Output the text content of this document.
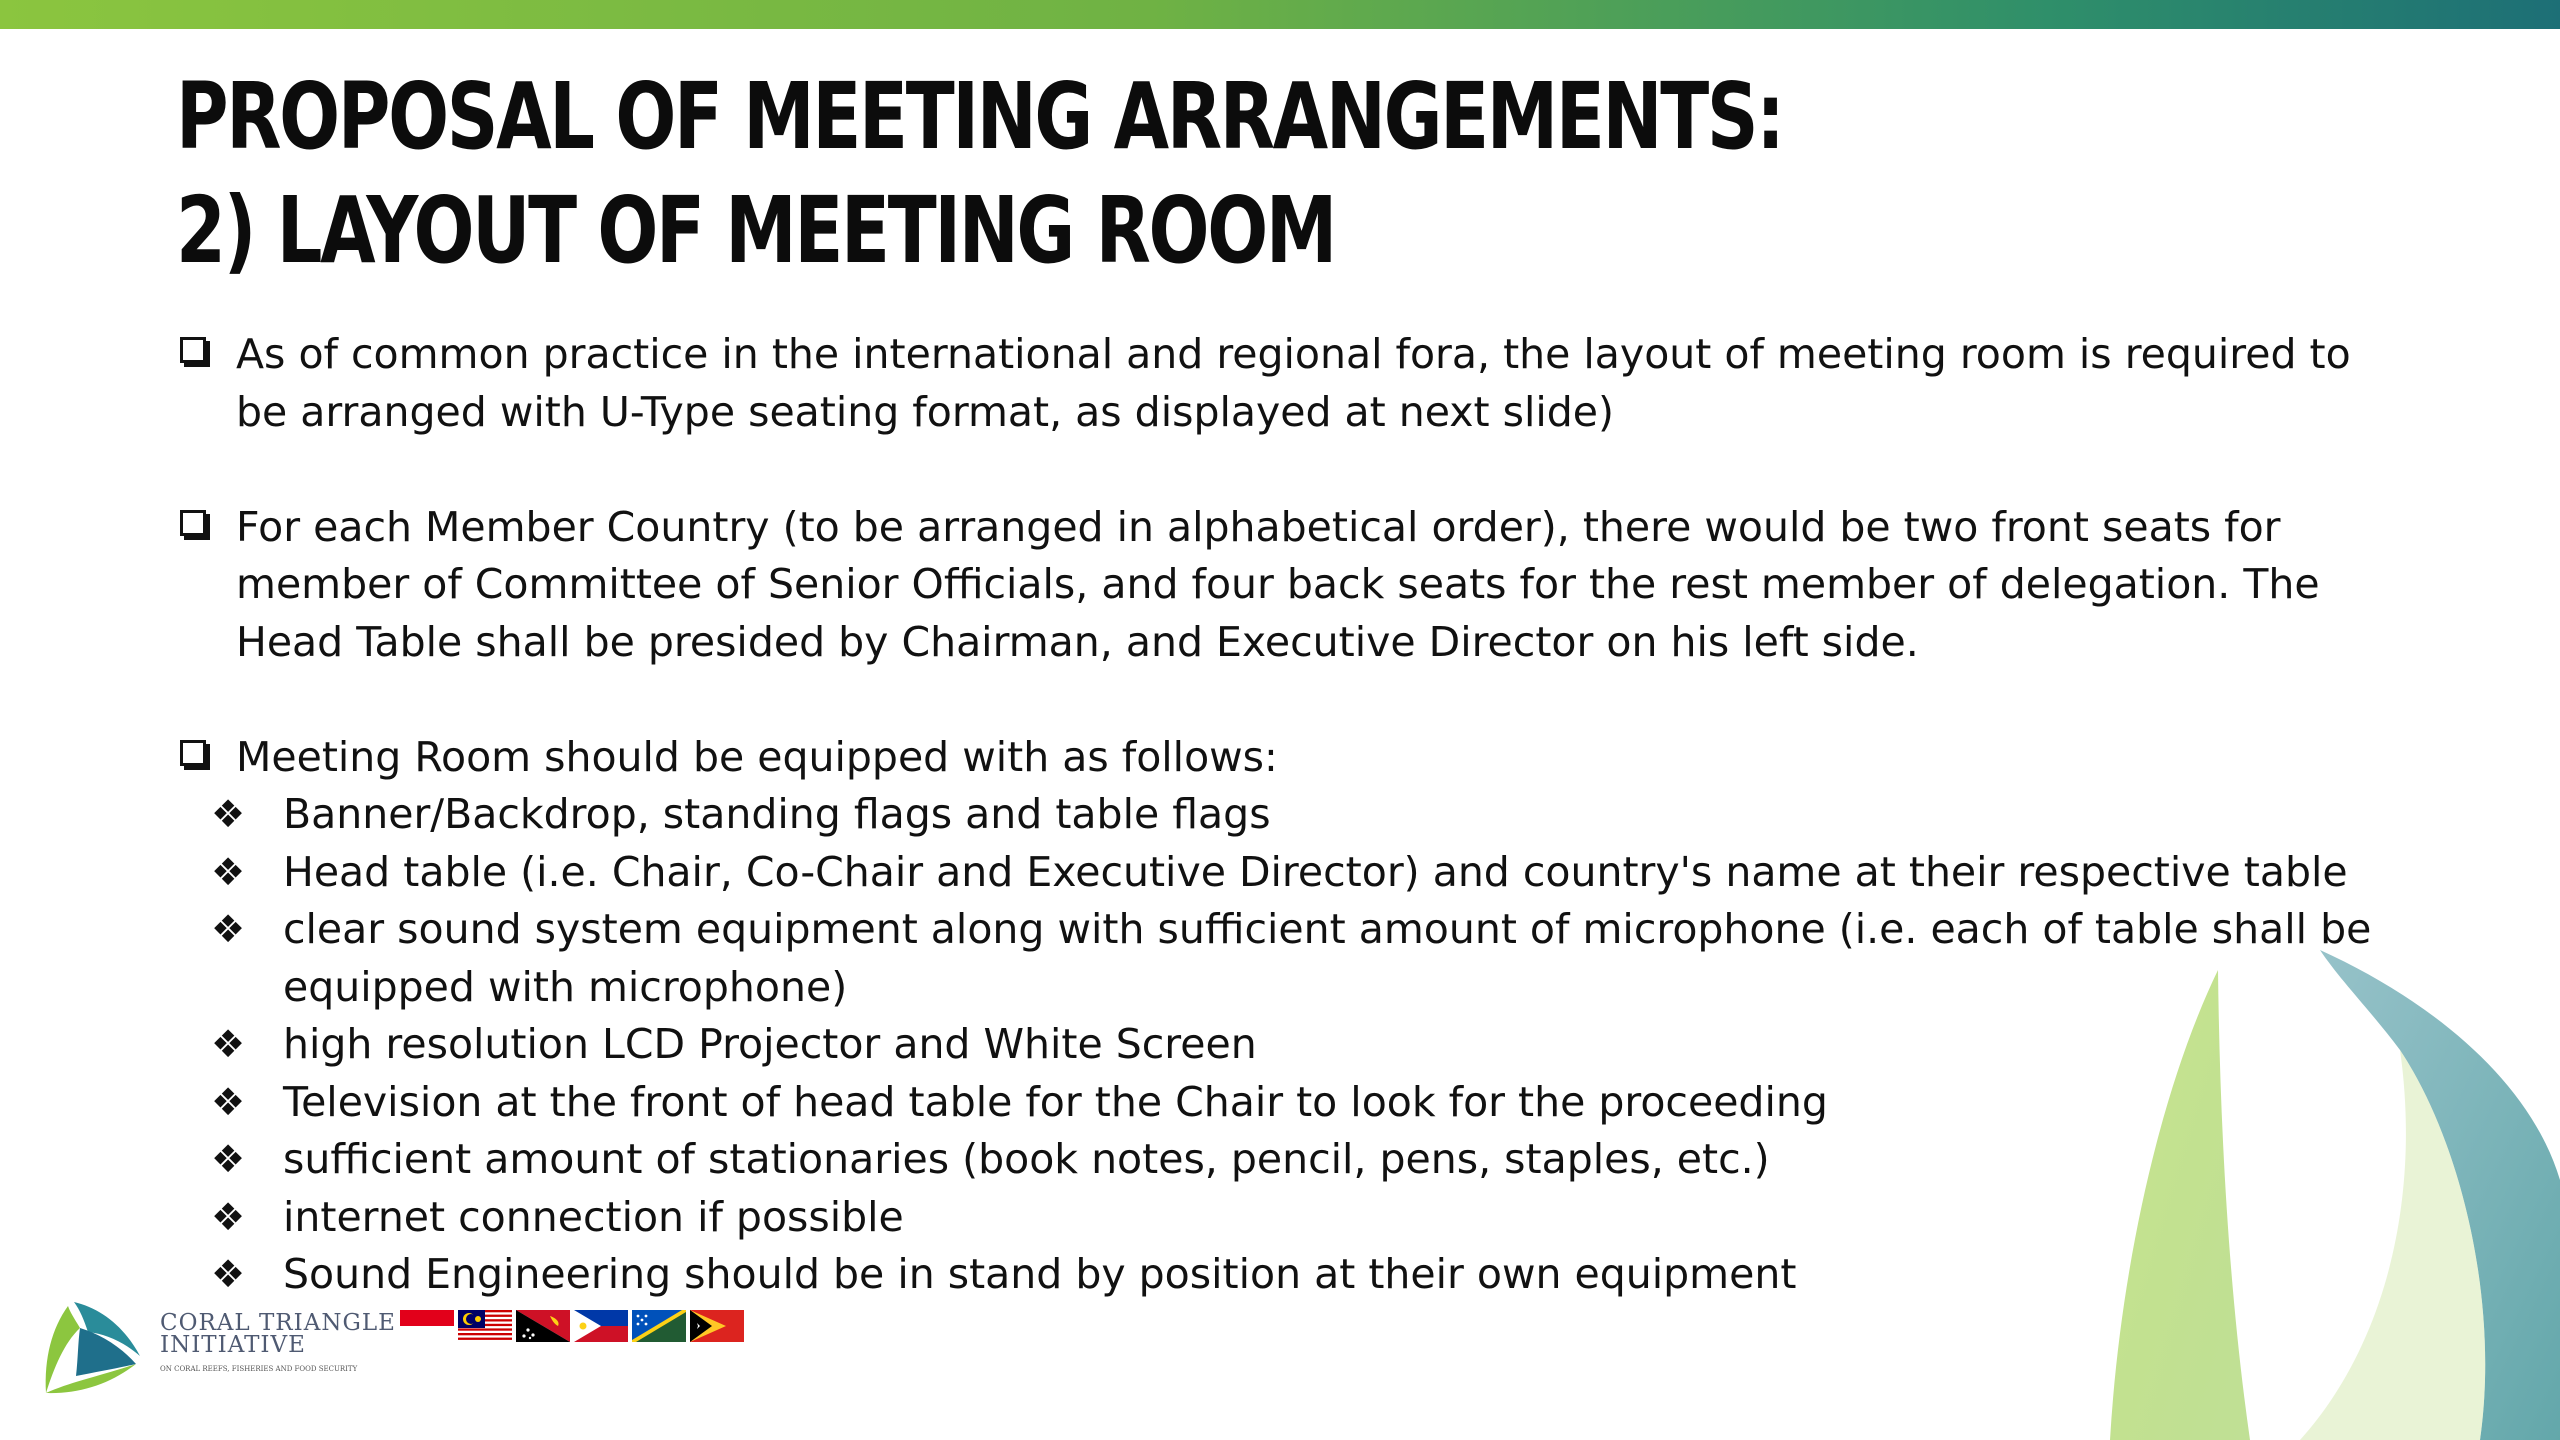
PROPOSAL OF MEETING ARRANGEMENTS:
2) LAYOUT OF MEETING ROOM
As of common practice in the international and regional fora, the layout of meeting room is required to be arranged with U-Type seating format, as displayed at next slide)
For each Member Country (to be arranged in alphabetical order), there would be two front seats for member of Committee of Senior Officials, and four back seats for the rest member of delegation. The Head Table shall be presided by Chairman, and Executive Director on his left side.
Meeting Room should be equipped with as follows:
❖ Banner/Backdrop, standing flags and table flags
❖ Head table (i.e. Chair, Co-Chair and Executive Director) and country's name at their respective table
❖ clear sound system equipment along with sufficient amount of microphone (i.e. each of table shall be equipped with microphone)
❖ high resolution LCD Projector and White Screen
❖ Television at the front of head table for the Chair to look for the proceeding
❖ sufficient amount of stationaries (book notes, pencil, pens, staples, etc.)
❖ internet connection if possible
❖ Sound Engineering should be in stand by position at their own equipment
CORAL TRIANGLE
INITIATIVE
ON CORAL REEFS, FISHERIES AND FOOD SECURITY
